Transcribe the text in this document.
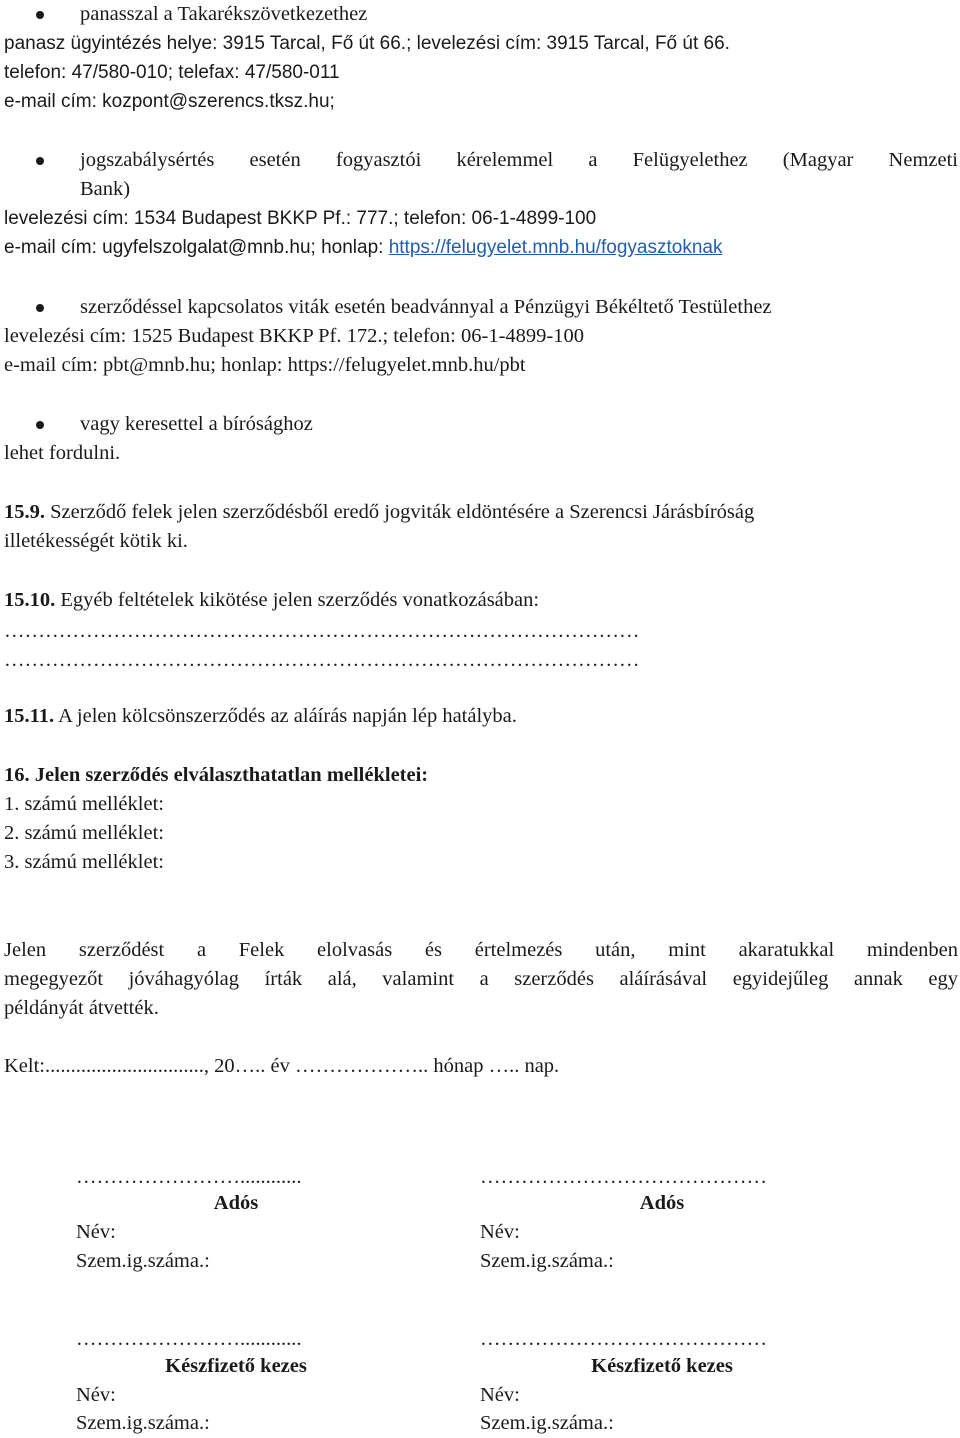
panasszal a Takarékszövetkezethez
panasz ügyintézés helye: 3915 Tarcal, Fő út 66.; levelezési cím: 3915 Tarcal, Fő út 66.
telefon: 47/580-010; telefax: 47/580-011
e-mail cím: kozpont@szerencs.tksz.hu;
jogszabálysértés esetén fogyasztói kérelemmel a Felügyelethez (Magyar Nemzeti
Bank)
levelezési cím: 1534 Budapest BKKP Pf.: 777.; telefon: 06-1-4899-100
e-mail cím: ugyfelszolgalat@mnb.hu; honlap: https://felugyelet.mnb.hu/fogyasztoknak
szerződéssel kapcsolatos viták esetén beadvánnyal a Pénzügyi Békéltető Testülethez
levelezési cím: 1525 Budapest BKKP Pf. 172.; telefon: 06-1-4899-100
e-mail cím: pbt@mnb.hu; honlap: https://felugyelet.mnb.hu/pbt
vagy keresettel a bírósághoz
lehet fordulni.
15.9. Szerződő felek jelen szerződésből eredő jogviták eldöntésére a Szerencsi Járásbíróság
illetékességét kötik ki.
15.10. Egyéb feltételek kikötése jelen szerződés vonatkozásában:
…………………………………………………………………………………
…………………………………………………………………………………
15.11. A jelen kölcsönszerződés az aláírás napján lép hatályba.
16. Jelen szerződés elválaszthatatlan mellékletei:
1. számú melléklet:
2. számú melléklet:
3. számú melléklet:
Jelen szerződést a Felek elolvasás és értelmezés után, mint akaratukkal mindenben
megegyezőt jóváhagyólag írták alá, valamint a szerződés aláírásával egyidejűleg annak egy
példányát átvették.
Kelt:..............................., 20….. év ……………….. hónap ….. nap.
……………………............
Adós
Név:
Szem.ig.száma.:
……………………………………
Adós
Név:
Szem.ig.száma.:
……………………............
Készfizető kezes
Név:
Szem.ig.száma.:
……………………………………
Készfizető kezes
Név:
Szem.ig.száma.:
